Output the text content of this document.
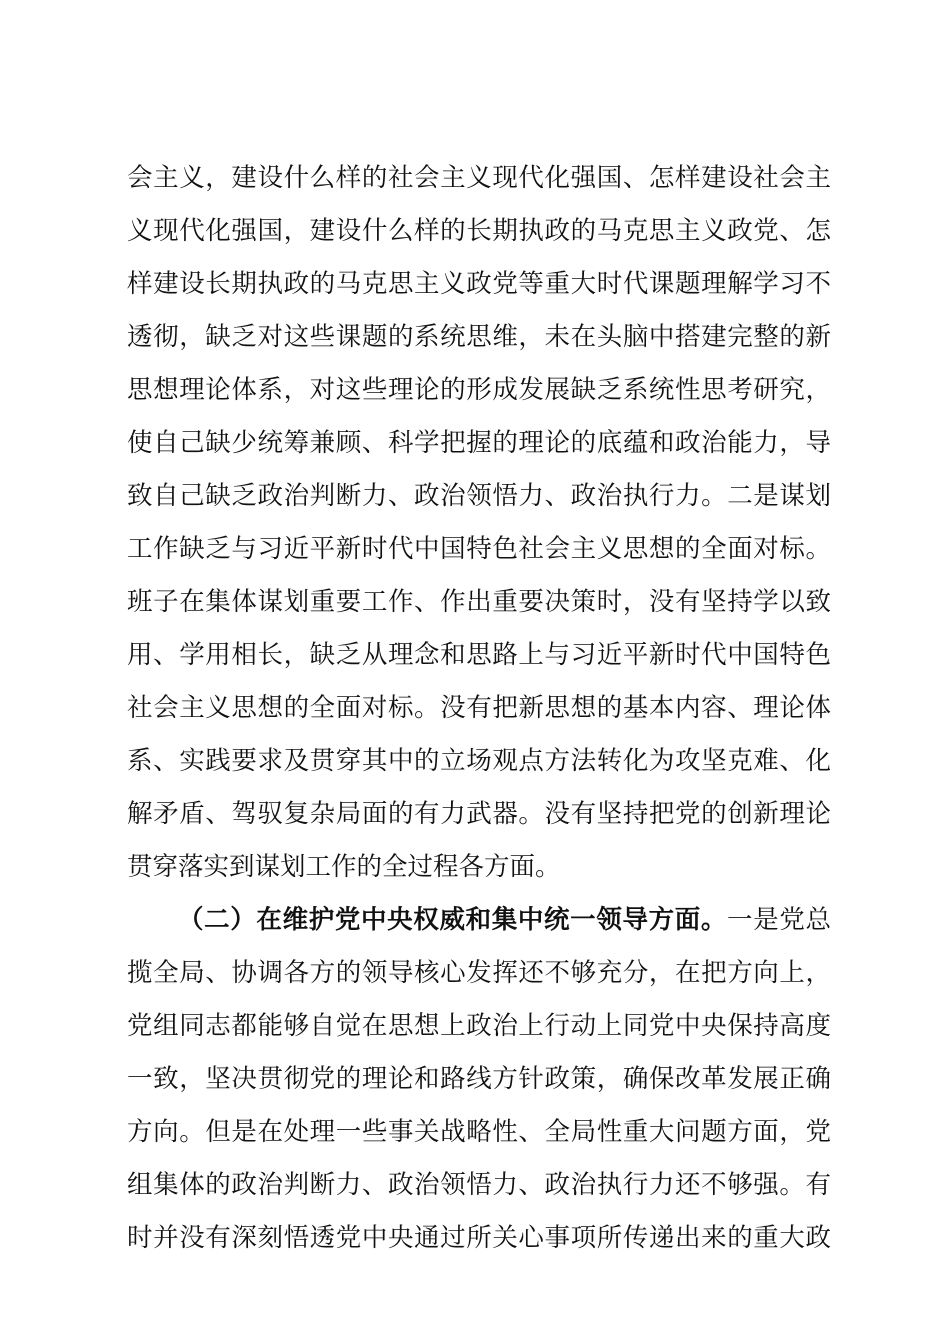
会主义，建设什么样的社会主义现代化强国、怎样建设社会主
义现代化强国，建设什么样的长期执政的马克思主义政党、怎
样建设长期执政的马克思主义政党等重大时代课题理解学习不
透彻，缺乏对这些课题的系统思维，未在头脑中搭建完整的新
思想理论体系，对这些理论的形成发展缺乏系统性思考研究，
使自己缺少统筹兼顾、科学把握的理论的底蕴和政治能力，导
致自己缺乏政治判断力、政治领悟力、政治执行力。二是谋划
工作缺乏与习近平新时代中国特色社会主义思想的全面对标。
班子在集体谋划重要工作、作出重要决策时，没有坚持学以致
用、学用相长，缺乏从理念和思路上与习近平新时代中国特色
社会主义思想的全面对标。没有把新思想的基本内容、理论体
系、实践要求及贯穿其中的立场观点方法转化为攻坚克难、化
解矛盾、驾驭复杂局面的有力武器。没有坚持把党的创新理论
贯穿落实到谋划工作的全过程各方面。
（二）在维护党中央权威和集中统一领导方面。一是党总
揽全局、协调各方的领导核心发挥还不够充分，在把方向上，
党组同志都能够自觉在思想上政治上行动上同党中央保持高度
一致，坚决贯彻党的理论和路线方针政策，确保改革发展正确
方向。但是在处理一些事关战略性、全局性重大问题方面，党
组集体的政治判断力、政治领悟力、政治执行力还不够强。有
时并没有深刻悟透党中央通过所关心事项所传递出来的重大政
